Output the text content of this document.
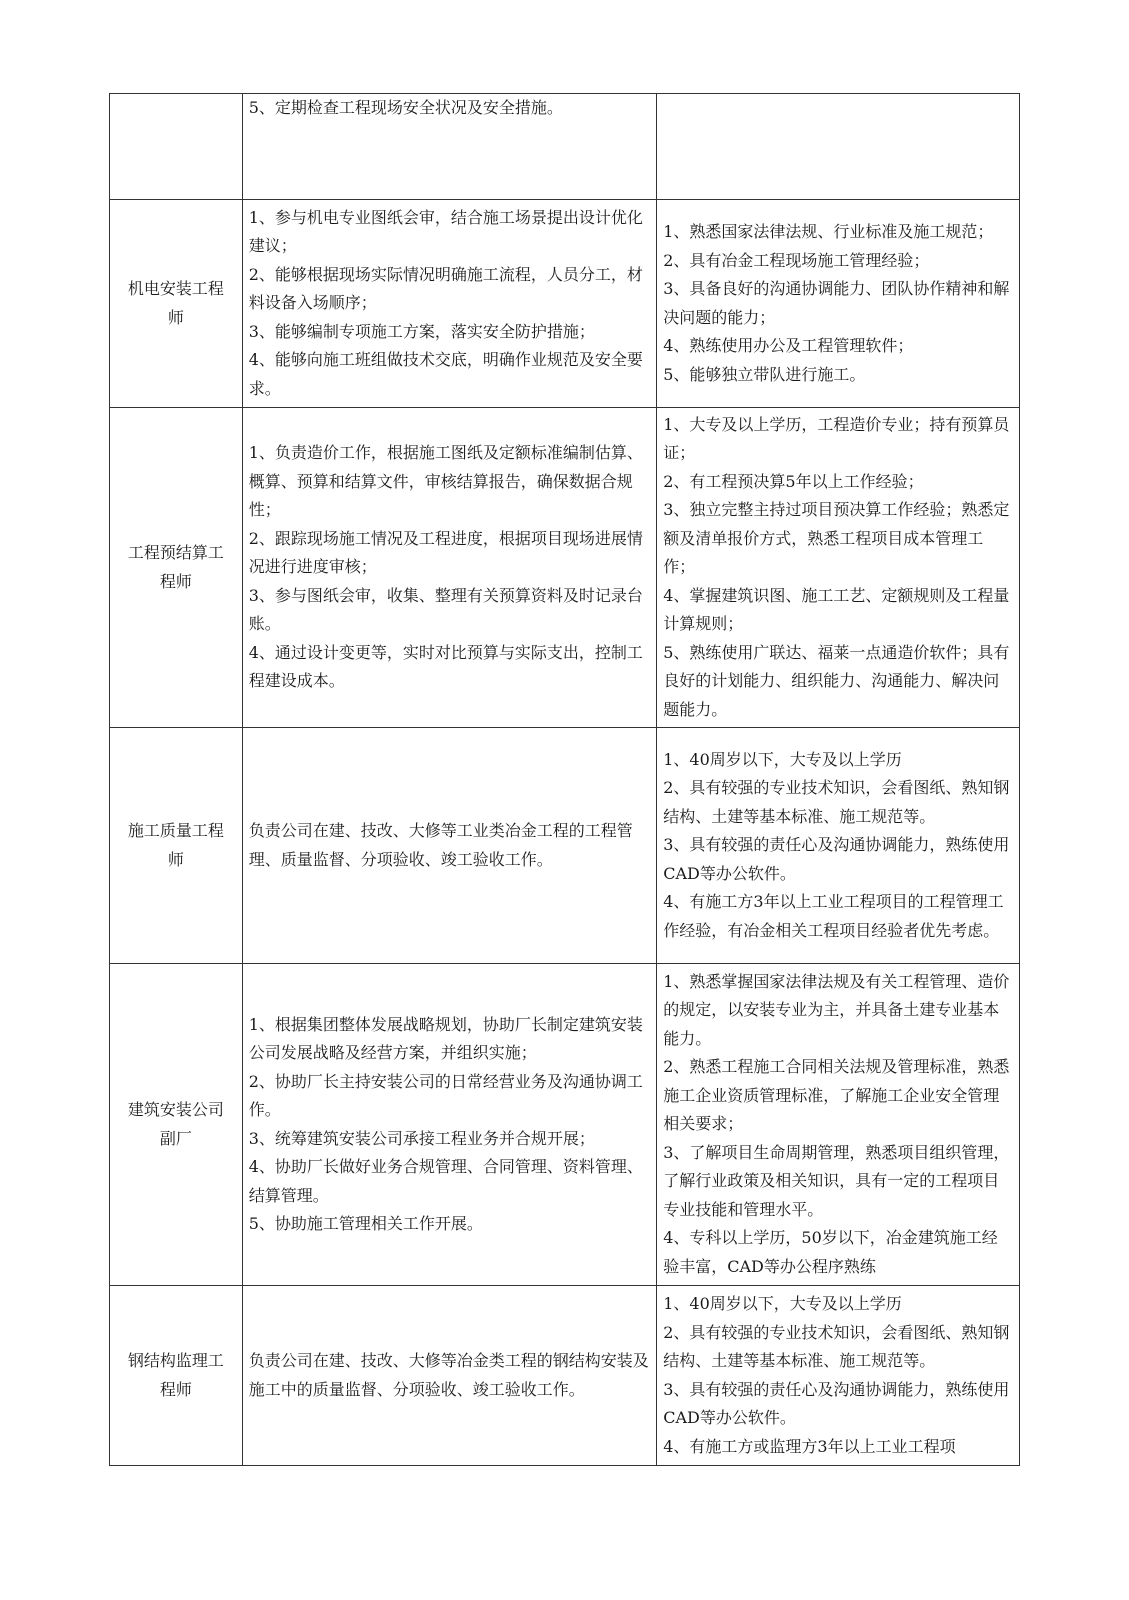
	5、定期检查工程现场安全状况及安全措施。	

机电安装工程师	1、参与机电专业图纸会审，结合施工场景提出设计优化建议；
2、能够根据现场实际情况明确施工流程，人员分工，材料设备入场顺序；
3、能够编制专项施工方案，落实安全防护措施；
4、能够向施工班组做技术交底，明确作业规范及安全要求。	1、熟悉国家法律法规、行业标准及施工规范；
2、具有冶金工程现场施工管理经验；
3、具备良好的沟通协调能力、团队协作精神和解决问题的能力；
4、熟练使用办公及工程管理软件；
5、能够独立带队进行施工。

工程预结算工程师	1、负责造价工作，根据施工图纸及定额标准编制估算、概算、预算和结算文件，审核结算报告，确保数据合规性；
2、跟踪现场施工情况及工程进度，根据项目现场进展情况进行进度审核；
3、参与图纸会审，收集、整理有关预算资料及时记录台账。
4、通过设计变更等，实时对比预算与实际支出，控制工程建设成本。	1、大专及以上学历，工程造价专业；持有预算员证；
2、有工程预决算5年以上工作经验；
3、独立完整主持过项目预决算工作经验；熟悉定额及清单报价方式，熟悉工程项目成本管理工作；
4、掌握建筑识图、施工工艺、定额规则及工程量计算规则；
5、熟练使用广联达、福莱一点通造价软件；具有良好的计划能力、组织能力、沟通能力、解决问题能力。

施工质量工程师	负责公司在建、技改、大修等工业类冶金工程的工程管理、质量监督、分项验收、竣工验收工作。	1、40周岁以下，大专及以上学历
2、具有较强的专业技术知识，会看图纸、熟知钢结构、土建等基本标准、施工规范等。
3、具有较强的责任心及沟通协调能力，熟练使用CAD等办公软件。
4、有施工方3年以上工业工程项目的工程管理工作经验，有冶金相关工程项目经验者优先考虑。

建筑安装公司副厂	1、根据集团整体发展战略规划，协助厂长制定建筑安装公司发展战略及经营方案，并组织实施；
2、协助厂长主持安装公司的日常经营业务及沟通协调工作。
3、统筹建筑安装公司承接工程业务并合规开展；
4、协助厂长做好业务合规管理、合同管理、资料管理、结算管理。
5、协助施工管理相关工作开展。	1、熟悉掌握国家法律法规及有关工程管理、造价的规定，以安装专业为主，并具备土建专业基本能力。
2、熟悉工程施工合同相关法规及管理标准，熟悉施工企业资质管理标准，了解施工企业安全管理相关要求；
3、了解项目生命周期管理，熟悉项目组织管理，了解行业政策及相关知识，具有一定的工程项目专业技能和管理水平。
4、专科以上学历，50岁以下，冶金建筑施工经验丰富，CAD等办公程序熟练

钢结构监理工程师	负责公司在建、技改、大修等冶金类工程的钢结构安装及施工中的质量监督、分项验收、竣工验收工作。	1、40周岁以下，大专及以上学历
2、具有较强的专业技术知识，会看图纸、熟知钢结构、土建等基本标准、施工规范等。
3、具有较强的责任心及沟通协调能力，熟练使用CAD等办公软件。
4、有施工方或监理方3年以上工业工程项
